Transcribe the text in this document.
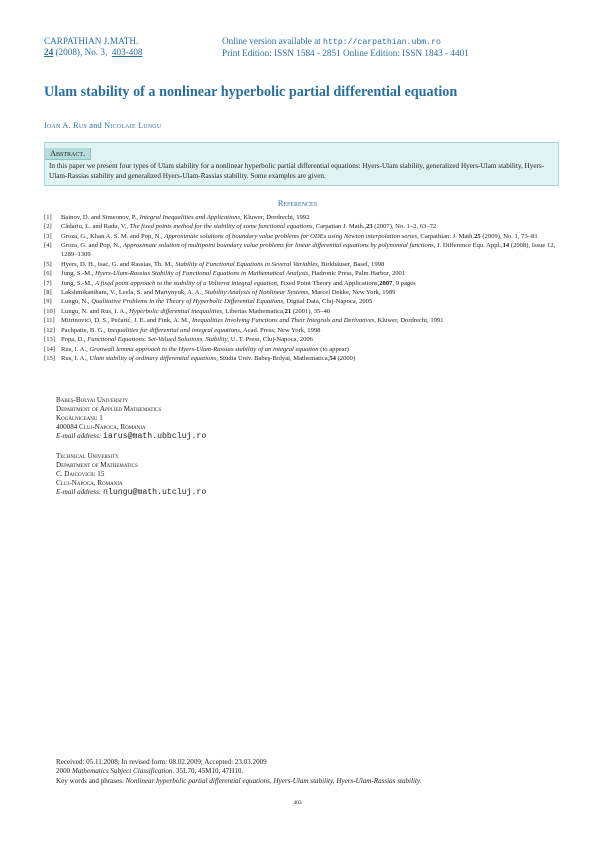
CARPATHIAN J.MATH.
24 (2008), No. 3, 403-408
Online version available at http://carpathian.ubm.ro
Print Edition: ISSN 1584 - 2851 Online Edition: ISSN 1843 - 4401
Ulam stability of a nonlinear hyperbolic partial differential equation
Ioan A. Rus and Nicolaie Lungu
Abstract.
In this paper we present four types of Ulam stability for a nonlinear hyperbolic partial differential equations: Hyers-Ulam stability, generalized Hyers-Ulam stability, Hyers-Ulam-Rassias stability and generalized Hyers-Ulam-Rassias stability. Some examples are given.
References
[1] Bainov, D. and Simeonov, P., Integral Inequalities and Applications, Kluwer, Dordrecht, 1992
[2] Cădariu, L. and Radu, V., The fixed points method for the stability of some functional equations, Carpatian J. Math.,23 (2007), No. 1–2, 63–72
[3] Groza, G., Khan A. S. M. and Pop, N., Approximate solutions of boundary value problems for ODEs using Newton interpolation series, Carpathian. J. Math.25 (2009), No. 1, 73–81
[4] Groza, G. and Pop, N., Approximate solution of multipoint boundary value problems for linear differential equations by polynomial functions, J. Difference Equ. Appl.,14 (2008), Issue 12, 1289–1309
[5] Hyers, D. H., Isac, G. and Rassias, Th. M., Stability of Functional Equations in Several Variables, Birkhäuser, Basel, 1998
[6] Jung, S.-M., Hyers-Ulam-Rassias Stability of Functional Equations in Mathematical Analysis, Hadronic Press, Palm Harbor, 2001
[7] Jung, S.-M., A fixed point approach to the stability of a Volterra integral equation, Fixed Point Theory and Applications,2007, 9 pages
[8] Lakshmikantham, V., Leela, S. and Martynyuk, A. A., Stability Analysis of Nonlinear Systems, Marcel Dekke, New York, 1989
[9] Lungu, N., Qualitative Problems in the Theory of Hyperbolic Differential Equations, Digital Data, Cluj-Napoca, 2005
[10] Lungu, N. and Rus, I. A., Hyperbolic differential inequalities, Libertas Mathematica,21 (2001), 35–40
[11] Mitrinovici, D. S., Pečarić, J. E. and Fink, A. M., Inequalities Involving Functions and Their Integrals and Derivatives, Kluwer, Dordrecht, 1991
[12] Pachpatte, B. G., Inequalities for differential and integral equations, Acad. Press, New York, 1998
[13] Popa, D., Functional Equations. Set-Valued Solutions. Stability, U. T. Press, Cluj-Napoca, 2006
[14] Rus, I. A., Gronwall lemma approach to the Hyers-Ulam-Rassias stability of an integral equation (to appear)
[15] Rus, I. A., Ulam stability of ordinary differential equations, Studia Univ. Babeş-Bolyai, Mathematica,54 (2009)
Babeş-Bolyai University
Department of Applied Mathematics
Kogălniceanu 1
400084 Cluj-Napoca, Romania
E-mail address: iarus@math.ubbcluj.ro
Technical University
Department of Mathematics
C. Daicoviciu 15
Cluj-Napoca, Romania
E-mail address: nlungu@math.utcluj.ro
Received: 05.11.2008; In revised form: 08.02.2009; Accepted: 23.03.2009
2000 Mathematics Subject Classification. 35L70, 45M10, 47H10.
Key words and phrases. Nonlinear hyperbolic partial differential equations, Hyers-Ulam stability, Hyers-Ulam-Rassias stability.
403
